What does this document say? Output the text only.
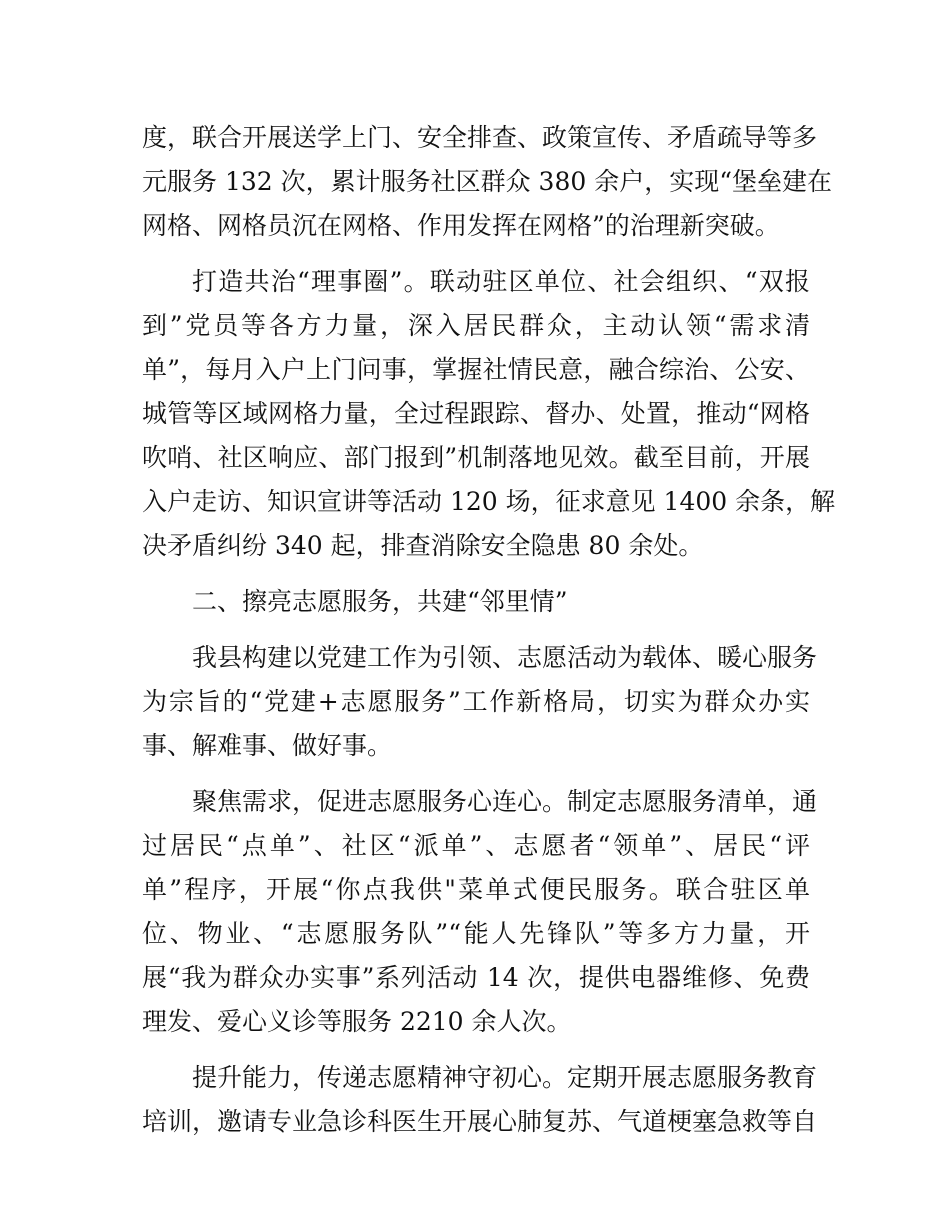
度，联合开展送学上门、安全排查、政策宣传、矛盾疏导等多
元服务 132 次，累计服务社区群众 380 余户，实现“堡垒建在
网格、网格员沉在网格、作用发挥在网格”的治理新突破。
打造共治“理事圈”。联动驻区单位、社会组织、“双报
到”党员等各方力量，深入居民群众，主动认领“需求清
单”，每月入户上门问事，掌握社情民意，融合综治、公安、
城管等区域网格力量，全过程跟踪、督办、处置，推动“网格
吹哨、社区响应、部门报到”机制落地见效。截至目前，开展
入户走访、知识宣讲等活动 120 场，征求意见 1400 余条，解
决矛盾纠纷 340 起，排查消除安全隐患 80 余处。
二、擦亮志愿服务，共建“邻里情”
我县构建以党建工作为引领、志愿活动为载体、暖心服务
为宗旨的“党建+志愿服务”工作新格局，切实为群众办实
事、解难事、做好事。
聚焦需求，促进志愿服务心连心。制定志愿服务清单，通
过居民“点单”、社区“派单”、志愿者“领单”、居民“评
单”程序，开展“你点我供"菜单式便民服务。联合驻区单
位、物业、“志愿服务队”“能人先锋队”等多方力量，开
展“我为群众办实事”系列活动 14 次，提供电器维修、免费
理发、爱心义诊等服务 2210 余人次。
提升能力，传递志愿精神守初心。定期开展志愿服务教育
培训，邀请专业急诊科医生开展心肺复苏、气道梗塞急救等自
